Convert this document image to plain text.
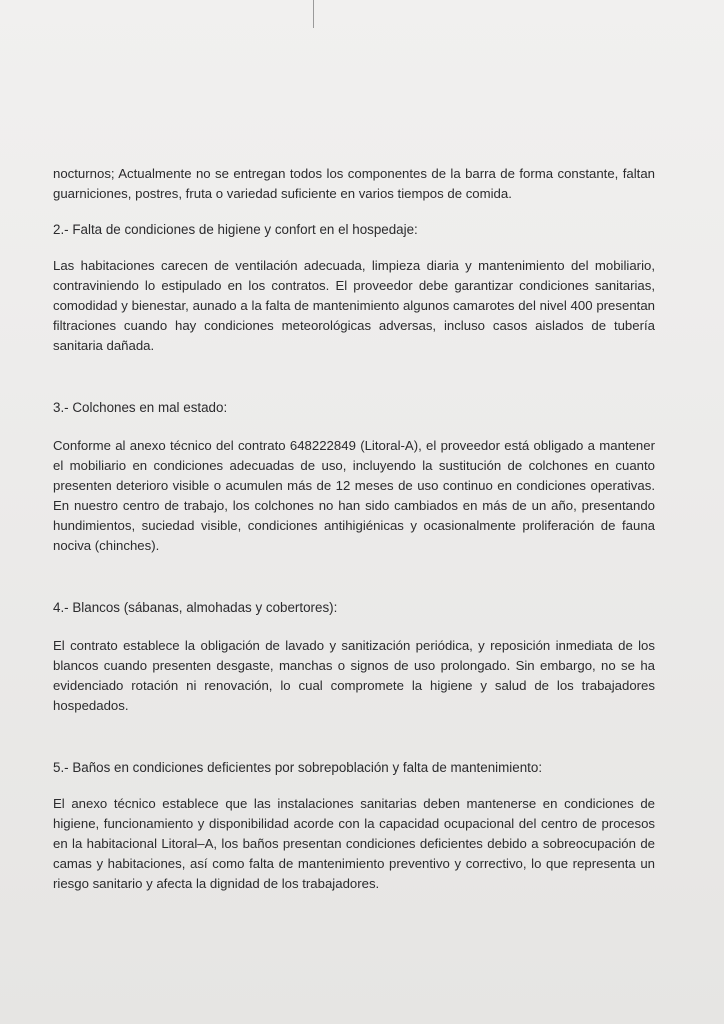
nocturnos; Actualmente no se entregan todos los componentes de la barra de forma constante, faltan guarniciones, postres, fruta o variedad suficiente en varios tiempos de comida.

2.- Falta de condiciones de higiene y confort en el hospedaje:

Las habitaciones carecen de ventilación adecuada, limpieza diaria y mantenimiento del mobiliario, contraviniendo lo estipulado en los contratos. El proveedor debe garantizar condiciones sanitarias, comodidad y bienestar, aunado a la falta de mantenimiento algunos camarotes del nivel 400 presentan filtraciones cuando hay condiciones meteorológicas adversas, incluso casos aislados de tubería sanitaria dañada.

3.- Colchones en mal estado:

Conforme al anexo técnico del contrato 648222849 (Litoral-A), el proveedor está obligado a mantener el mobiliario en condiciones adecuadas de uso, incluyendo la sustitución de colchones en cuanto presenten deterioro visible o acumulen más de 12 meses de uso continuo en condiciones operativas. En nuestro centro de trabajo, los colchones no han sido cambiados en más de un año, presentando hundimientos, suciedad visible, condiciones antihigiénicas y ocasionalmente proliferación de fauna nociva (chinches).

4.- Blancos (sábanas, almohadas y cobertores):

El contrato establece la obligación de lavado y sanitización periódica, y reposición inmediata de los blancos cuando presenten desgaste, manchas o signos de uso prolongado. Sin embargo, no se ha evidenciado rotación ni renovación, lo cual compromete la higiene y salud de los trabajadores hospedados.

5.- Baños en condiciones deficientes por sobrepoblación y falta de mantenimiento:

El anexo técnico establece que las instalaciones sanitarias deben mantenerse en condiciones de higiene, funcionamiento y disponibilidad acorde con la capacidad ocupacional del centro de procesos en la habitacional Litoral–A, los baños presentan condiciones deficientes debido a sobreocupación de camas y habitaciones, así como falta de mantenimiento preventivo y correctivo, lo que representa un riesgo sanitario y afecta la dignidad de los trabajadores.
